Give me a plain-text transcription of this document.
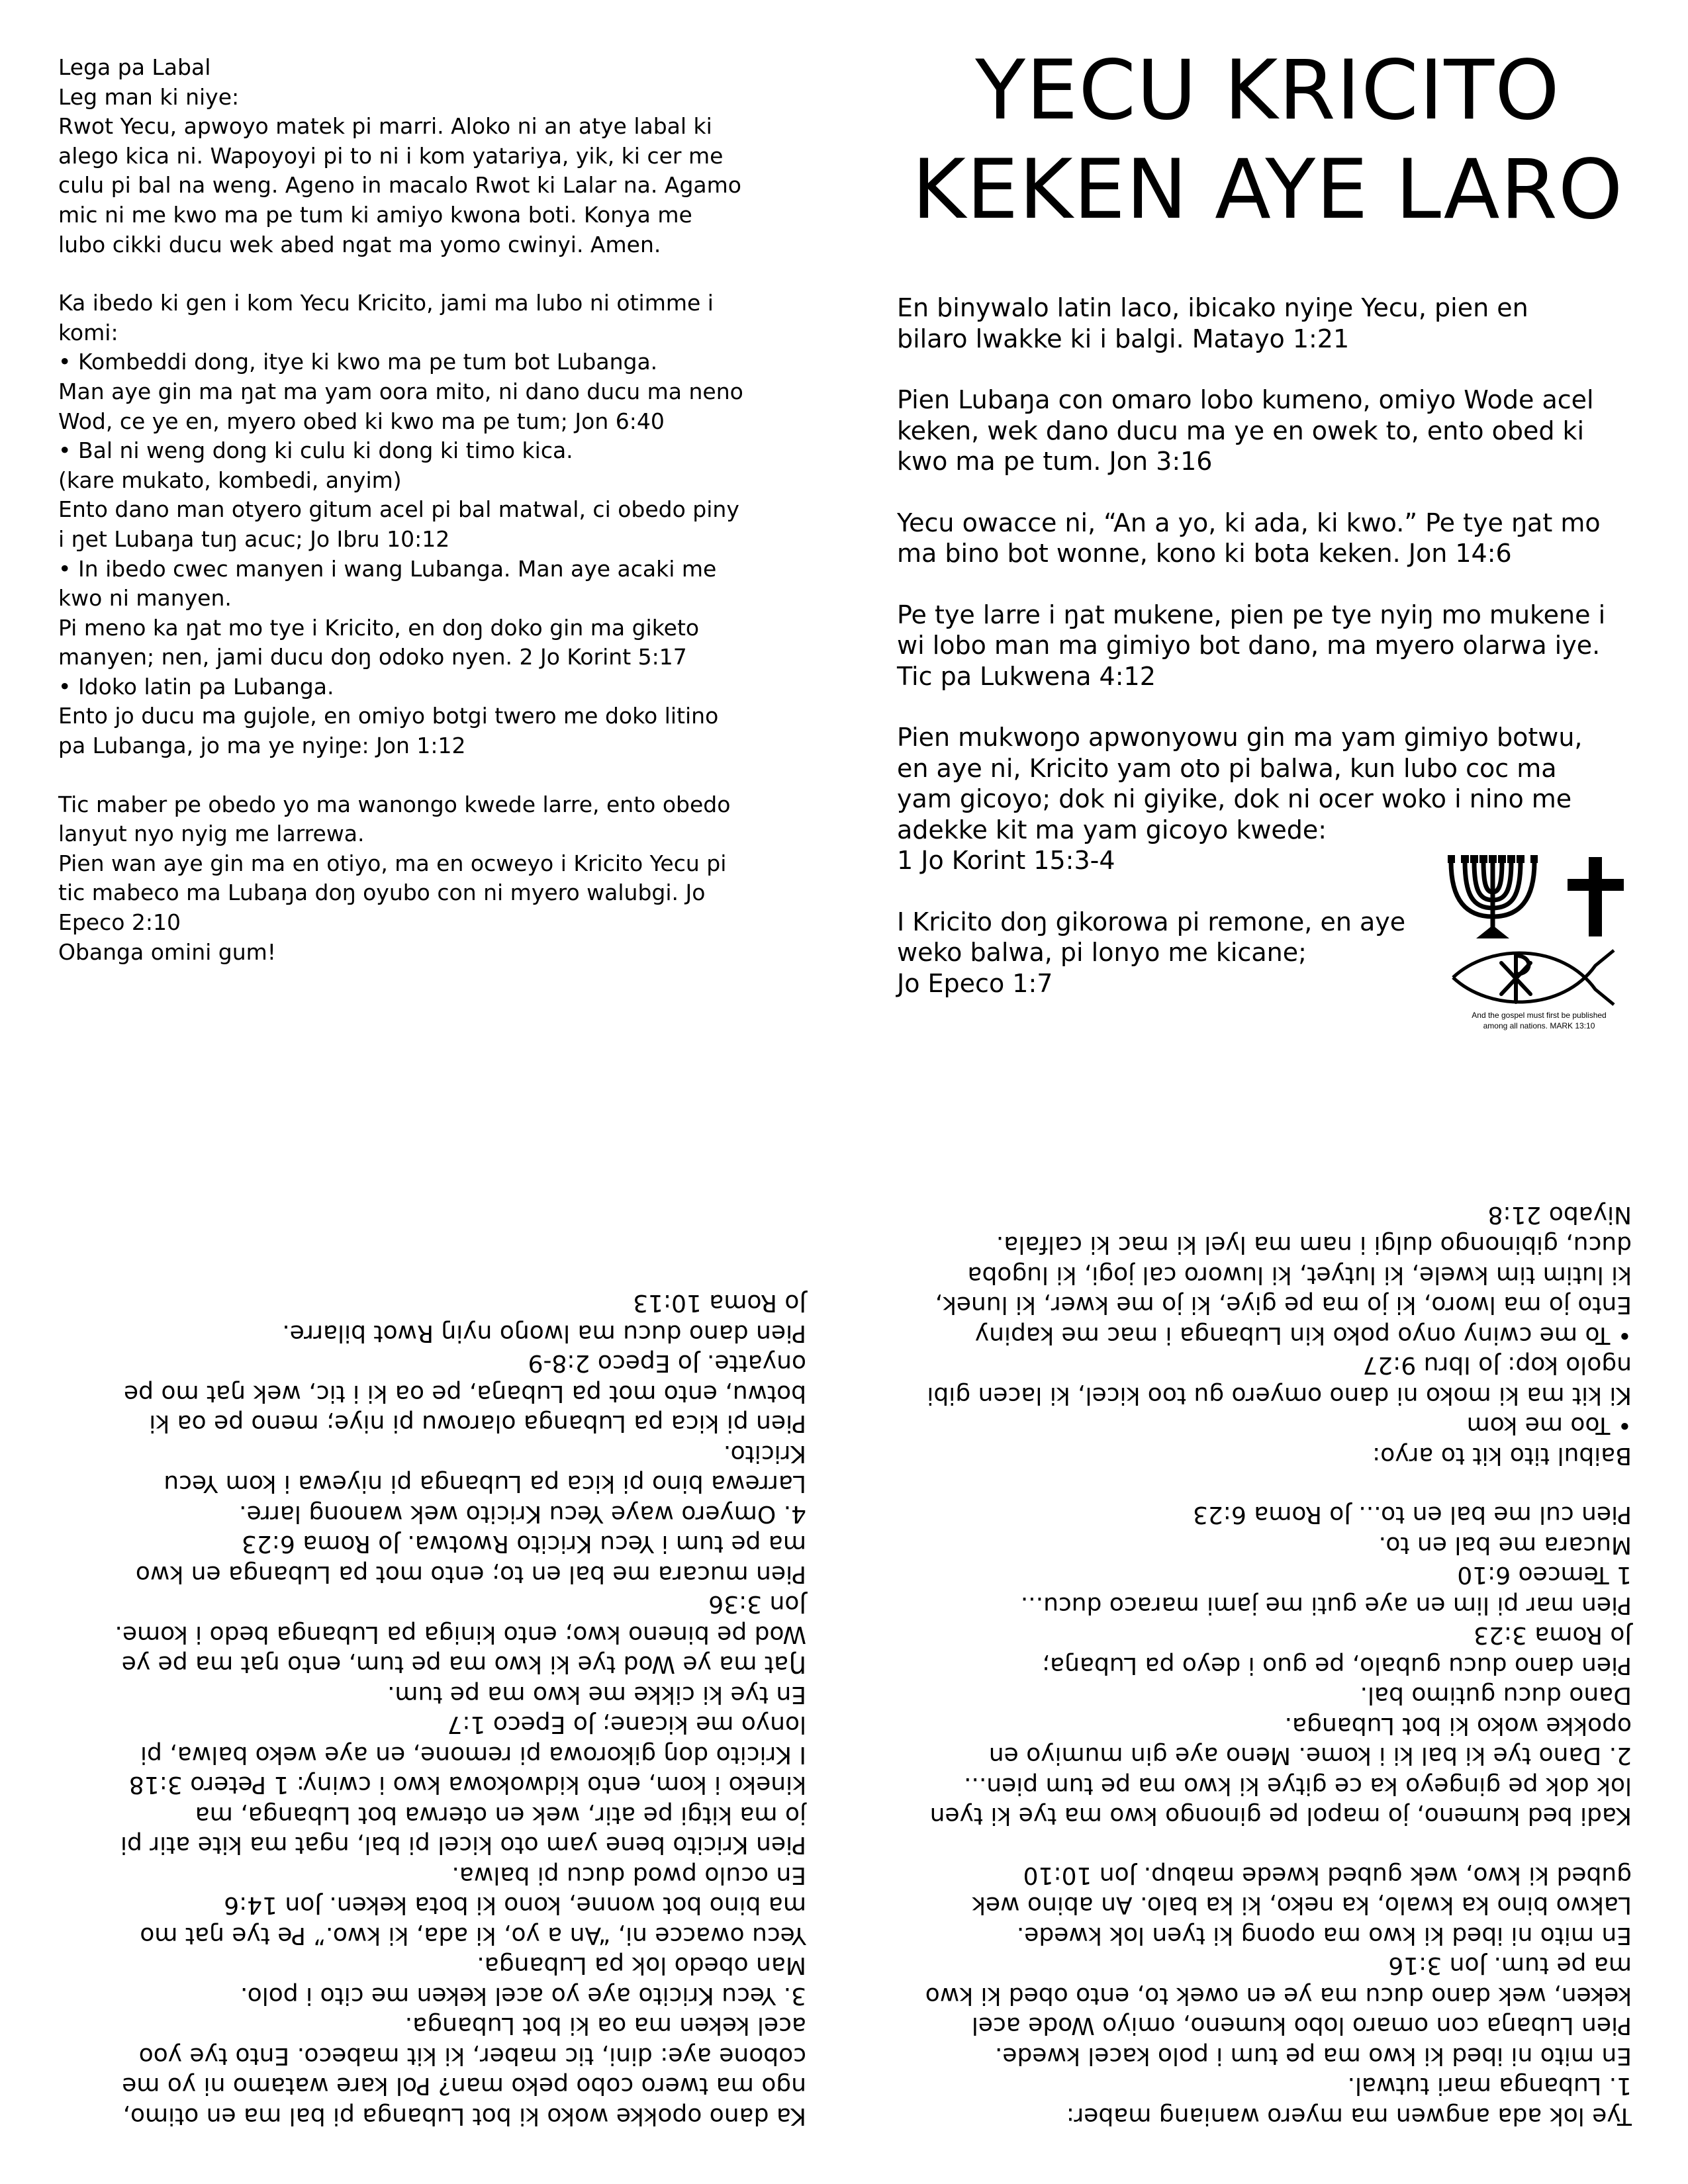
Lega pa Labal
Leg man ki niye:
Rwot Yecu, apwoyo matek pi marri. Aloko ni an atye labal ki
alego kica ni. Wapoyoyi pi to ni i kom yatariya, yik, ki cer me
culu pi bal na weng. Ageno in macalo Rwot ki Lalar na. Agamo
mic ni me kwo ma pe tum ki amiyo kwona boti. Konya me
lubo cikki ducu wek abed ngat ma yomo cwinyi. Amen.
Ka ibedo ki gen i kom Yecu Kricito, jami ma lubo ni otimme i
komi:
• Kombeddi dong, itye ki kwo ma pe tum bot Lubanga.
Man aye gin ma ŋat ma yam oora mito, ni dano ducu ma neno
Wod, ce ye en, myero obed ki kwo ma pe tum; Jon 6:40
• Bal ni weng dong ki culu ki dong ki timo kica.
(kare mukato, kombedi, anyim)
Ento dano man otyero gitum acel pi bal matwal, ci obedo piny
i ŋet Lubaŋa tuŋ acuc; Jo Ibru 10:12
• In ibedo cwec manyen i wang Lubanga. Man aye acaki me
kwo ni manyen.
Pi meno ka ŋat mo tye i Kricito, en doŋ doko gin ma giketo
manyen; nen, jami ducu doŋ odoko nyen. 2 Jo Korint 5:17
• Idoko latin pa Lubanga.
Ento jo ducu ma gujole, en omiyo botgi twero me doko litino
pa Lubanga, jo ma ye nyiŋe: Jon 1:12
Tic maber pe obedo yo ma wanongo kwede larre, ento obedo
lanyut nyo nyig me larrewa.
Pien wan aye gin ma en otiyo, ma en ocweyo i Kricito Yecu pi
tic mabeco ma Lubaŋa doŋ oyubo con ni myero walubgi. Jo
Epeco 2:10
Obanga omini gum!
YECU KRICITO
KEKEN AYE LARO
En binywalo latin laco, ibicako nyiŋe Yecu, pien en
bilaro lwakke ki i balgi. Matayo 1:21
Pien Lubaŋa con omaro lobo kumeno, omiyo Wode acel
keken, wek dano ducu ma ye en owek to, ento obed ki
kwo ma pe tum. Jon 3:16
Yecu owacce ni, “An a yo, ki ada, ki kwo.” Pe tye ŋat mo
ma bino bot wonne, kono ki bota keken. Jon 14:6
Pe tye larre i ŋat mukene, pien pe tye nyiŋ mo mukene i
wi lobo man ma gimiyo bot dano, ma myero olarwa iye.
Tic pa Lukwena 4:12
Pien mukwoŋo apwonyowu gin ma yam gimiyo botwu,
en aye ni, Kricito yam oto pi balwa, kun lubo coc ma
yam gicoyo; dok ni giyike, dok ni ocer woko i nino me
adekke kit ma yam gicoyo kwede:
1 Jo Korint 15:3-4
I Kricito doŋ gikorowa pi remone, en aye
weko balwa, pi lonyo me kicane;
Jo Epeco 1:7
And the gospel must first be published
among all nations. MARK 13:10
Ka dano opokke woko ki bot Lubanga pi bal ma en otimo,
ngo ma twero cobo peko man? Pol kare watamo ni yo me
cobone aye: dini, tic maber, ki kit mabeco. Ento tye yoo
acel keken ma oa ki bot Lubanga.
3. Yecu Kricito aye yo acel keken me cito i polo.
Man obedo lok pa Lubanga.
Yecu owacce ni, “An a yo, ki ada, ki kwo.” Pe tye ŋat mo
ma bino bot wonne, kono ki bota keken. Jon 14:6
En oculo pwod ducu pi balwa.
Pien Kricito bene yam oto kicel pi bal, ngat ma kite atir pi
jo ma kitgi pe atir, wek en oterwa bot Lubanga, ma
kineko i kom, ento kidwokowa kwo i cwiny: 1 Petero 3:18
I Kricito doŋ gikorowa pi remone, en aye weko balwa, pi
lonyo me kicane; Jo Epeco 1:7
En tye ki cikke me kwo ma pe tum.
Ŋat ma ye Wod tye ki kwo ma pe tum, ento ŋat ma pe ye
Wod pe bineno kwo; ento kiniga pa Lubanga bedo i kome.
Jon 3:36
Pien mucara me bal en to; ento mot pa Lubanga en kwo
ma pe tum i Yecu Kricito Rwotwa. Jo Roma 6:23
4. Omyero waye Yecu Kricito wek wanong larre.
Larrewa bino pi kica pa Lubanga pi niyewa i kom Yecu
Kricito.
Pien pi kica pa Lubanga olarowu pi niye; meno pe oa ki
botwu, ento mot pa Lubaŋa, pe oa ki i tic, wek ŋat mo pe
onyatte. Jo Epeco 2:8-9
Pien dano ducu ma lwoŋo nyiŋ Rwot bilarre.
Jo Roma 10:13
Tye lok ada angwen ma myero waniang maber:
1. Lubanga mari tutwal.
En mito ni ibed ki kwo ma pe tum i polo kacel kwede.
Pien Lubaŋa con omaro lobo kumeno, omiyo Wode acel
keken, wek dano ducu ma ye en owek to, ento obed ki kwo
ma pe tum. Jon 3:16
En mito ni ibed ki kwo ma opong ki tyen lok kwede.
Lakwo bino ka kwalo, ka neko, ki ka balo. An abino wek
gubed ki kwo, wek gubed kwede mabup. Jon 10:10
Kadi bed kumeno, jo mapol pe ginongo kwo ma tye ki tyen
lok dok pe gingeyo ka ce gitye ki kwo ma pe tum pien...
2. Dano tye ki bal ki i kome. Meno aye gin mumiyo en
opokke woko ki bot Lubanga.
Dano ducu gutimo bal.
Pien dano ducu gubalo, pe guo i deyo pa Lubaŋa;
Jo Roma 3:23
Pien mar pi lim en aye guti me jami maraco ducu...
1 Temceo 6:10
Mucara me bal en to.
Pien cul me bal en to... Jo Roma 6:23
Baibul tito kit to aryo:
• Too me kom
Ki kit ma ki moko ni dano omyero gu too kicel, ki lacen gibi
ngolo kop: Jo Ibru 9:27
• To me cwiny onyo poko kin Lubanga i mac me kapiny
Ento jo ma lworo, ki jo ma pe giye, ki jo me kwer, ki lunek,
ki lutim tim kwele, ki lutyet, ki luworo cal jogi, ki lugoba
ducu, gibinongo dulgi i nam ma lyel ki mac ki calfala.
Niyabo 21:8
